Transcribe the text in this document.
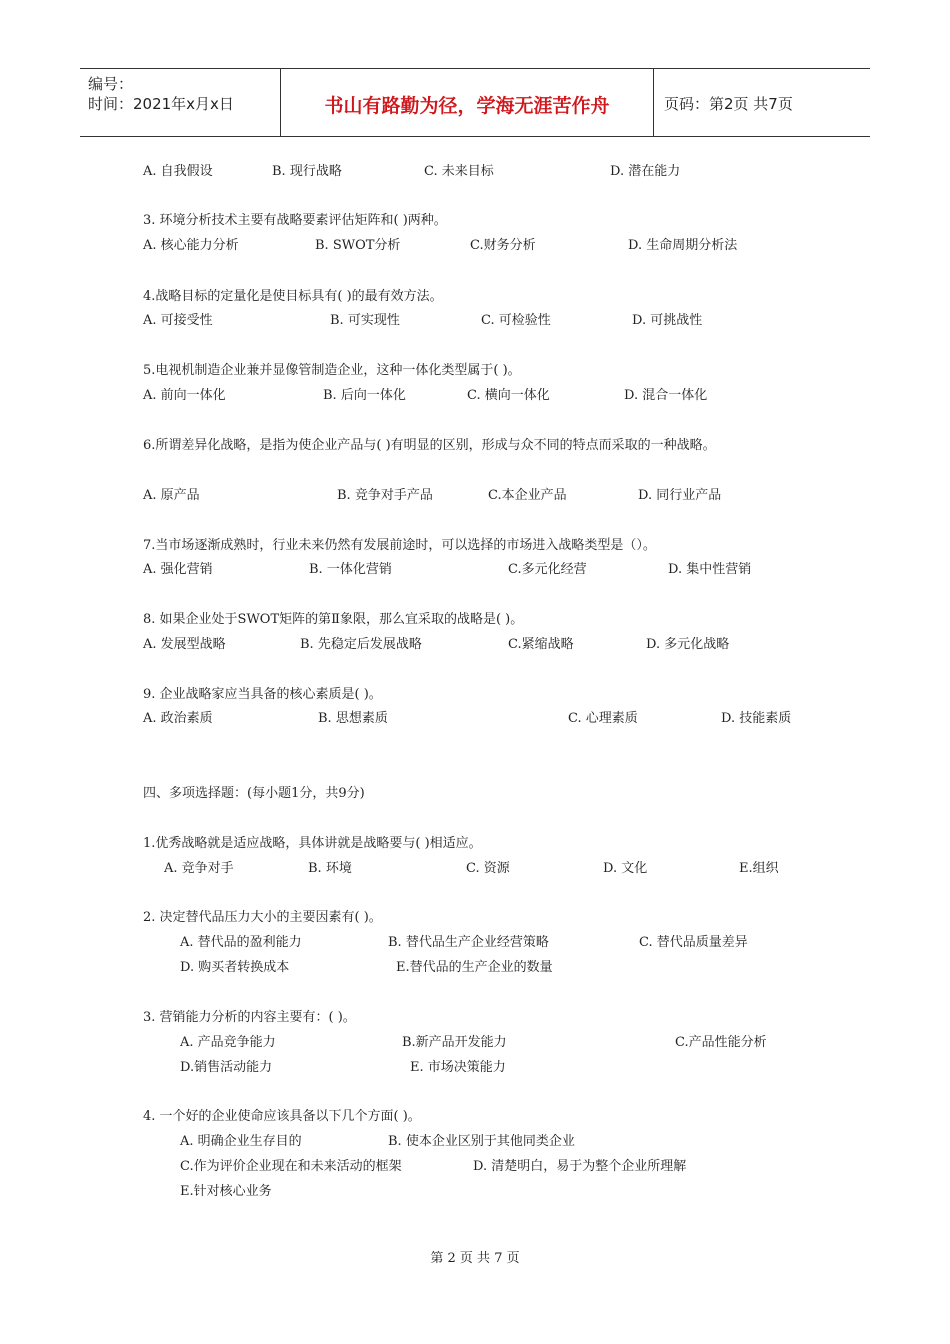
编号：
时间：2021年x月x日	书山有路勤为径，学海无涯苦作舟	页码：第2页 共7页
A. 自我假设	B. 现行战略	C. 未来目标	D. 潜在能力
3. 环境分析技术主要有战略要素评估矩阵和( )两种。
A. 核心能力分析	B. SWOT分析	C.财务分析	D. 生命周期分析法
4.战略目标的定量化是使目标具有( )的最有效方法。
A. 可接受性	B. 可实现性	C. 可检验性	D. 可挑战性
5.电视机制造企业兼并显像管制造企业，这种一体化类型属于( )。
A. 前向一体化	B. 后向一体化	C. 横向一体化	D. 混合一体化
6.所谓差异化战略，是指为使企业产品与( )有明显的区别，形成与众不同的特点而采取的一种战略。
A. 原产品	B. 竞争对手产品	C.本企业产品	D. 同行业产品
7.当市场逐渐成熟时，行业未来仍然有发展前途时，可以选择的市场进入战略类型是（）。
A. 强化营销	B. 一体化营销	C.多元化经营	D. 集中性营销
8. 如果企业处于SWOT矩阵的第Ⅱ象限，那么宜采取的战略是( )。
A. 发展型战略	B. 先稳定后发展战略	C.紧缩战略	D. 多元化战略
9. 企业战略家应当具备的核心素质是( )。
A. 政治素质	B. 思想素质	C. 心理素质	D. 技能素质
四、多项选择题：(每小题1分，共9分)
1.优秀战略就是适应战略，具体讲就是战略要与( )相适应。
A. 竞争对手	B. 环境	C. 资源	D. 文化	E.组织
2. 决定替代品压力大小的主要因素有( )。
A. 替代品的盈利能力	B. 替代品生产企业经营策略	C. 替代品质量差异
D. 购买者转换成本	E.替代品的生产企业的数量
3. 营销能力分析的内容主要有：( )。
A. 产品竞争能力	B.新产品开发能力	C.产品性能分析
D.销售活动能力	E. 市场决策能力
4. 一个好的企业使命应该具备以下几个方面( )。
A. 明确企业生存目的	B. 使本企业区别于其他同类企业
C.作为评价企业现在和未来活动的框架	D. 清楚明白，易于为整个企业所理解
E.针对核心业务
第 2 页 共 7 页
